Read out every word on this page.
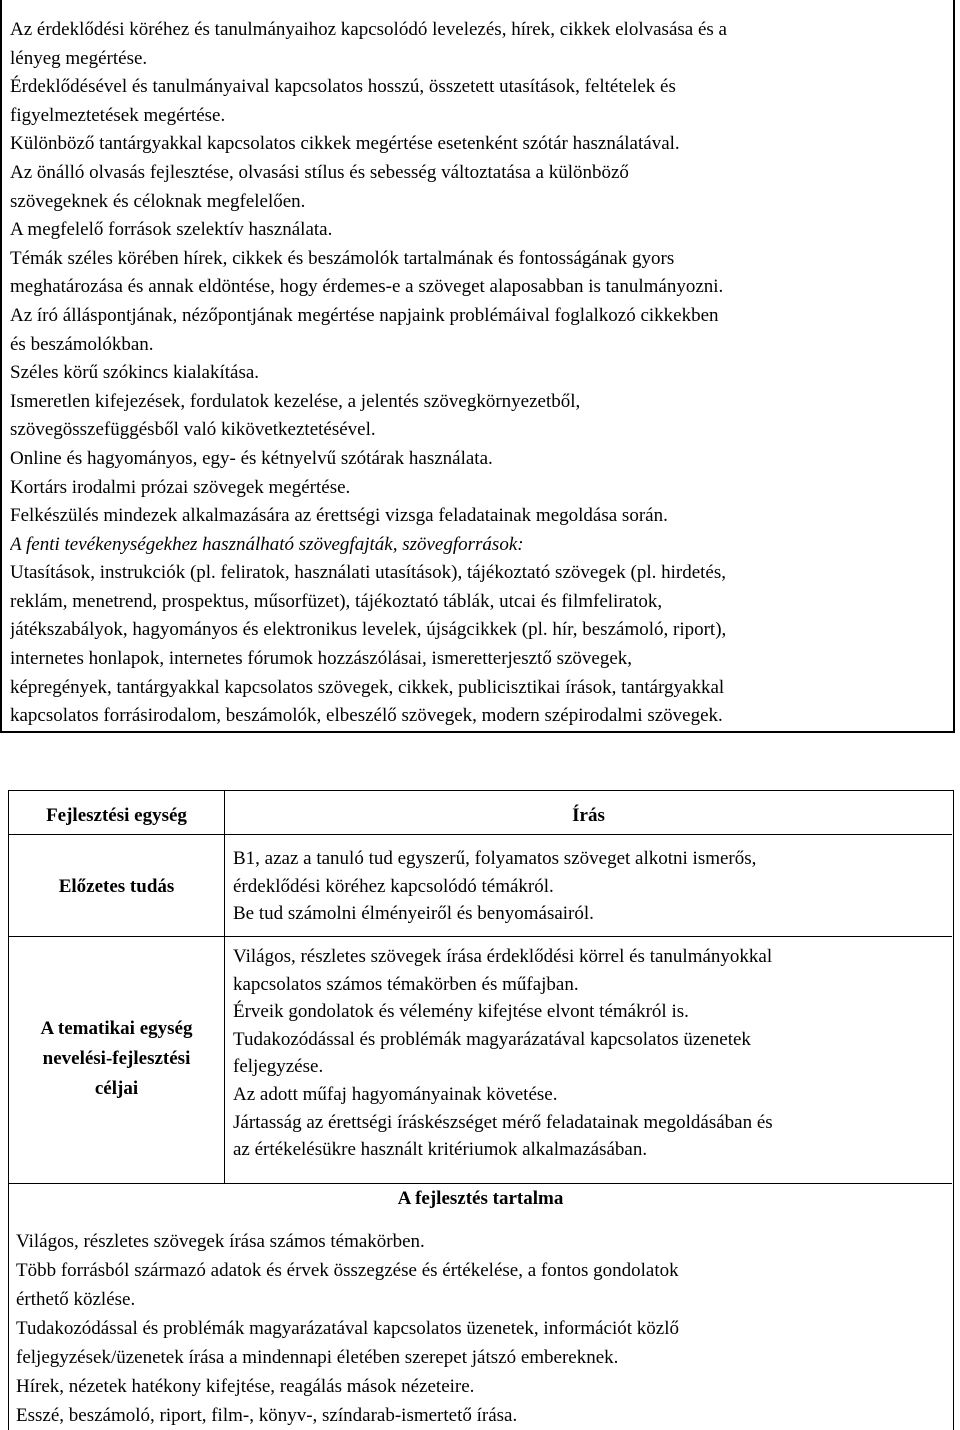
Az érdeklődési köréhez és tanulmányaihoz kapcsolódó levelezés, hírek, cikkek elolvasása és a
lényeg megértése.
Érdeklődésével és tanulmányaival kapcsolatos hosszú, összetett utasítások, feltételek és
figyelmeztetések megértése.
Különböző tantárgyakkal kapcsolatos cikkek megértése esetenként szótár használatával.
Az önálló olvasás fejlesztése, olvasási stílus és sebesség változtatása a különböző
szövegeknek és céloknak megfelelően.
A megfelelő források szelektív használata.
Témák széles körében hírek, cikkek és beszámolók tartalmának és fontosságának gyors
meghatározása és annak eldöntése, hogy érdemes-e a szöveget alaposabban is tanulmányozni.
Az író álláspontjának, nézőpontjának megértése napjaink problémáival foglalkozó cikkekben
és beszámolókban.
Széles körű szókincs kialakítása.
Ismeretlen kifejezések, fordulatok kezelése, a jelentés szövegkörnyezetből,
szövegösszefüggésből való kikövetkeztetésével.
Online és hagyományos, egy- és kétnyelvű szótárak használata.
Kortárs irodalmi prózai szövegek megértése.
Felkészülés mindezek alkalmazására az érettségi vizsga feladatainak megoldása során.
A fenti tevékenységekhez használható szövegfajták, szövegforrások:
Utasítások, instrukciók (pl. feliratok, használati utasítások), tájékoztató szövegek (pl. hirdetés,
reklám, menetrend, prospektus, műsorfüzet), tájékoztató táblák, utcai és filmfeliratok,
játékszabályok, hagyományos és elektronikus levelek, újságcikkek (pl. hír, beszámoló, riport),
internetes honlapok, internetes fórumok hozzászólásai, ismeretterjesztő szövegek,
képregények, tantárgyakkal kapcsolatos szövegek, cikkek, publicisztikai írások, tantárgyakkal
kapcsolatos forrásirodalom, beszámolók, elbeszélő szövegek, modern szépirodalmi szövegek.
Fejlesztési egység	Írás
Előzetes tudás
B1, azaz a tanuló tud egyszerű, folyamatos szöveget alkotni ismerős,
érdeklődési köréhez kapcsolódó témákról.
Be tud számolni élményeiről és benyomásairól.
A tematikai egység
nevelési-fejlesztési
céljai
Világos, részletes szövegek írása érdeklődési körrel és tanulmányokkal
kapcsolatos számos témakörben és műfajban.
Érveik gondolatok és vélemény kifejtése elvont témákról is.
Tudakozódással és problémák magyarázatával kapcsolatos üzenetek
feljegyzése.
Az adott műfaj hagyományainak követése.
Jártasság az érettségi íráskészséget mérő feladatainak megoldásában és
az értékelésükre használt kritériumok alkalmazásában.
A fejlesztés tartalma
Világos, részletes szövegek írása számos témakörben.
Több forrásból származó adatok és érvek összegzése és értékelése, a fontos gondolatok
érthető közlése.
Tudakozódással és problémák magyarázatával kapcsolatos üzenetek, információt közlő
feljegyzések/üzenetek írása a mindennapi életében szerepet játszó embereknek.
Hírek, nézetek hatékony kifejtése, reagálás mások nézeteire.
Esszé, beszámoló, riport, film-, könyv-, színdarab-ismertető írása.
